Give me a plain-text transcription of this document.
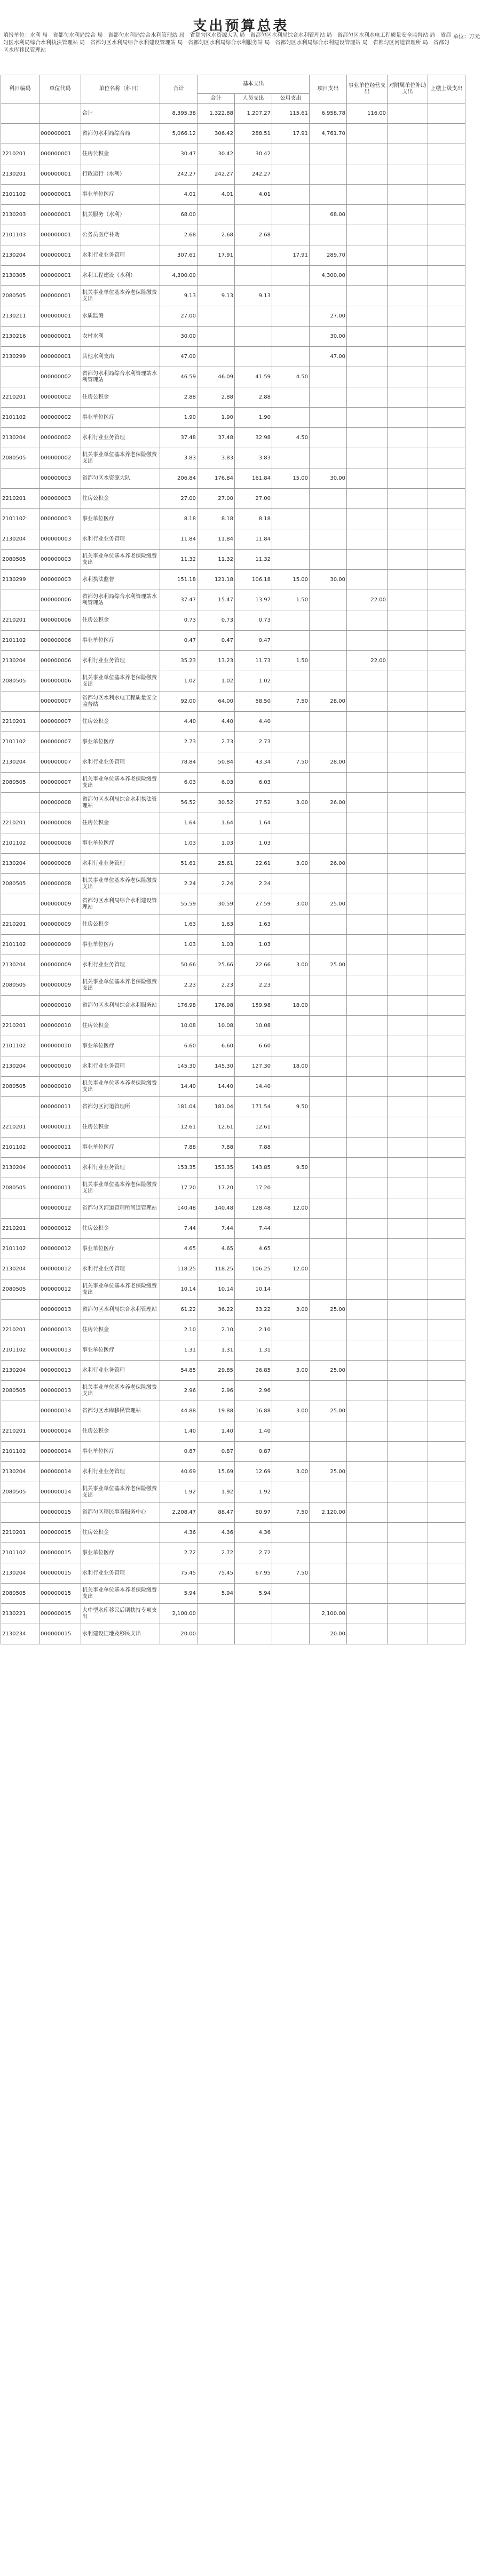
支出预算总表
填报单位：水利 局　省都匀水利局综合 局　省都匀水利局综合水利管理站 局　省都匀区水资源大队 局　省都匀区水利局综合水利管理站 局　省都匀区水利水电工程质量安全监督站 局　省都匀区水利局综合水利执法管理站 局　省都匀区水利局综合水利建设管理站 局　省都匀区水利局综合水利服务站 局　省都匀区水利局综合水利建设管理站 局　省都匀区河道管理所 局　省都匀区水库移民管理站
单位：万元
科目编码	单位代码	单位名称（科目）	合计	基本支出			项目支出	事业单位经营支出	对附属单位补助支出	上缴上级支出
				合计	人员支出	公用支出				

		合计	8,395.38	1,322.88	1,207.27	115.61	6,958.78	116.00		
	000000001	省都匀水利局综合局	5,066.12	306.42	288.51	17.91	4,761.70			
2210201	000000001	住房公积金	30.47	30.42	30.42					
2130201	000000001	行政运行（水利）	242.27	242.27	242.27					
2101102	000000001	事业单位医疗	4.01	4.01	4.01					
2130203	000000001	机关服务（水利）	68.00				68.00			
2101103	000000001	公务员医疗补助	2.68	2.68	2.68					
2130204	000000001	水利行业业务管理	307.61	17.91		17.91	289.70			
2130305	000000001	水利工程建设（水利）	4,300.00				4,300.00			
2080505	000000001	机关事业单位基本养老保险缴费支出	9.13	9.13	9.13					
2130211	000000001	水质监测	27.00				27.00			
2130216	000000001	农村水利	30.00				30.00			
2130299	000000001	其他水利支出	47.00				47.00			
	000000002	省都匀水利局综合水利管理站水利管理站	46.59	46.09	41.59	4.50				
2210201	000000002	住房公积金	2.88	2.88	2.88					
2101102	000000002	事业单位医疗	1.90	1.90	1.90					
2130204	000000002	水利行业业务管理	37.48	37.48	32.98	4.50				
2080505	000000002	机关事业单位基本养老保险缴费支出	3.83	3.83	3.83					
	000000003	省都匀区水资源大队	206.84	176.84	161.84	15.00	30.00			
2210201	000000003	住房公积金	27.00	27.00	27.00					
2101102	000000003	事业单位医疗	8.18	8.18	8.18					
2130204	000000003	水利行业业务管理	11.84	11.84	11.84					
2080505	000000003	机关事业单位基本养老保险缴费支出	11.32	11.32	11.32					
2130299	000000003	水利执法监督	151.18	121.18	106.18	15.00	30.00			
	000000006	省都匀水利局综合水利管理站水利管理站	37.47	15.47	13.97	1.50		22.00		
2210201	000000006	住房公积金	0.73	0.73	0.73					
2101102	000000006	事业单位医疗	0.47	0.47	0.47					
2130204	000000006	水利行业业务管理	35.23	13.23	11.73	1.50		22.00		
2080505	000000006	机关事业单位基本养老保险缴费支出	1.02	1.02	1.02					
	000000007	省都匀区水利水电工程质量安全监督站	92.00	64.00	58.50	7.50	28.00			
2210201	000000007	住房公积金	4.40	4.40	4.40					
2101102	000000007	事业单位医疗	2.73	2.73	2.73					
2130204	000000007	水利行业业务管理	78.84	50.84	43.34	7.50	28.00			
2080505	000000007	机关事业单位基本养老保险缴费支出	6.03	6.03	6.03					
	000000008	省都匀区水利局综合水利执法管理站	56.52	30.52	27.52	3.00	26.00			
2210201	000000008	住房公积金	1.64	1.64	1.64					
2101102	000000008	事业单位医疗	1.03	1.03	1.03					
2130204	000000008	水利行业业务管理	51.61	25.61	22.61	3.00	26.00			
2080505	000000008	机关事业单位基本养老保险缴费支出	2.24	2.24	2.24					
	000000009	省都匀区水利局综合水利建设管理站	55.59	30.59	27.59	3.00	25.00			
2210201	000000009	住房公积金	1.63	1.63	1.63					
2101102	000000009	事业单位医疗	1.03	1.03	1.03					
2130204	000000009	水利行业业务管理	50.66	25.66	22.66	3.00	25.00			
2080505	000000009	机关事业单位基本养老保险缴费支出	2.23	2.23	2.23					
	000000010	省都匀区水利局综合水利服务站	176.98	176.98	159.98	18.00				
2210201	000000010	住房公积金	10.08	10.08	10.08					
2101102	000000010	事业单位医疗	6.60	6.60	6.60					
2130204	000000010	水利行业业务管理	145.30	145.30	127.30	18.00				
2080505	000000010	机关事业单位基本养老保险缴费支出	14.40	14.40	14.40					
	000000011	省都匀区河道管理所	181.04	181.04	171.54	9.50				
2210201	000000011	住房公积金	12.61	12.61	12.61					
2101102	000000011	事业单位医疗	7.88	7.88	7.88					
2130204	000000011	水利行业业务管理	153.35	153.35	143.85	9.50				
2080505	000000011	机关事业单位基本养老保险缴费支出	17.20	17.20	17.20					
	000000012	省都匀区河道管理所河道管理站	140.48	140.48	128.48	12.00				
2210201	000000012	住房公积金	7.44	7.44	7.44					
2101102	000000012	事业单位医疗	4.65	4.65	4.65					
2130204	000000012	水利行业业务管理	118.25	118.25	106.25	12.00				
2080505	000000012	机关事业单位基本养老保险缴费支出	10.14	10.14	10.14					
	000000013	省都匀区水利局综合水利管理站	61.22	36.22	33.22	3.00	25.00			
2210201	000000013	住房公积金	2.10	2.10	2.10					
2101102	000000013	事业单位医疗	1.31	1.31	1.31					
2130204	000000013	水利行业业务管理	54.85	29.85	26.85	3.00	25.00			
2080505	000000013	机关事业单位基本养老保险缴费支出	2.96	2.96	2.96					
	000000014	省都匀区水库移民管理站	44.88	19.88	16.88	3.00	25.00			
2210201	000000014	住房公积金	1.40	1.40	1.40					
2101102	000000014	事业单位医疗	0.87	0.87	0.87					
2130204	000000014	水利行业业务管理	40.69	15.69	12.69	3.00	25.00			
2080505	000000014	机关事业单位基本养老保险缴费支出	1.92	1.92	1.92					
	000000015	省都匀区移民事务服务中心	2,208.47	88.47	80.97	7.50	2,120.00			
2210201	000000015	住房公积金	4.36	4.36	4.36					
2101102	000000015	事业单位医疗	2.72	2.72	2.72					
2130204	000000015	水利行业业务管理	75.45	75.45	67.95	7.50				
2080505	000000015	机关事业单位基本养老保险缴费支出	5.94	5.94	5.94					
2130221	000000015	大中型水库移民后期扶持专项支出	2,100.00				2,100.00			
2130234	000000015	水利建设征地及移民支出	20.00				20.00			
